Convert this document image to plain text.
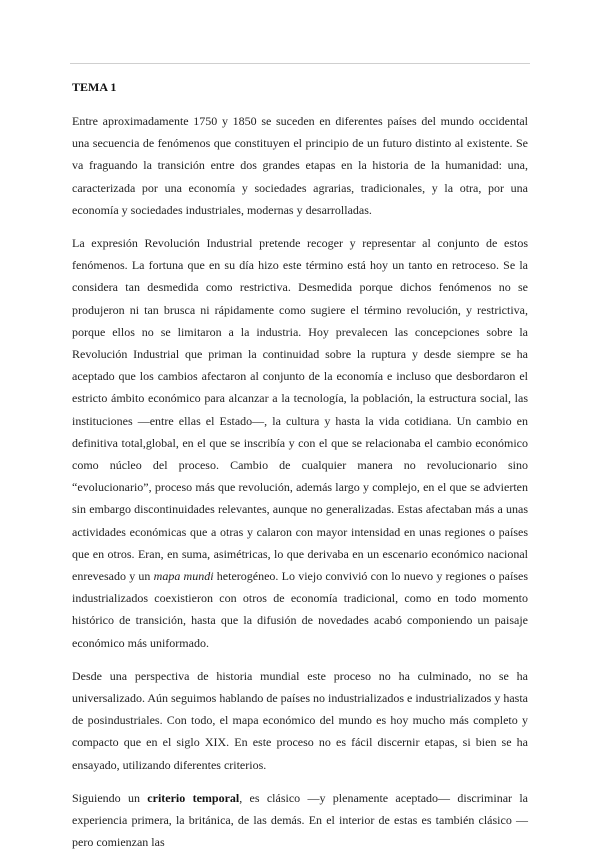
TEMA 1

Entre aproximadamente 1750 y 1850 se suceden en diferentes países del mundo occidental una secuencia de fenómenos que constituyen el principio de un futuro distinto al existente. Se va fraguando la transición entre dos grandes etapas en la historia de la humanidad: una, caracterizada por una economía y sociedades agrarias, tradicionales, y la otra, por una economía y sociedades industriales, modernas y desarrolladas.

La expresión Revolución Industrial pretende recoger y representar al conjunto de estos fenómenos. La fortuna que en su día hizo este término está hoy un tanto en retroceso. Se la considera tan desmedida como restrictiva. Desmedida porque dichos fenómenos no se produjeron ni tan brusca ni rápidamente como sugiere el término revolución, y restrictiva, porque ellos no se limitaron a la industria. Hoy prevalecen las concepciones sobre la Revolución Industrial que priman la continuidad sobre la ruptura y desde siempre se ha aceptado que los cambios afectaron al conjunto de la economía e incluso que desbordaron el estricto ámbito económico para alcanzar a la tecnología, la población, la estructura social, las instituciones —entre ellas el Estado—, la cultura y hasta la vida cotidiana. Un cambio en definitiva total,global, en el que se inscribía y con el que se relacionaba el cambio económico como núcleo del proceso. Cambio de cualquier manera no revolucionario sino “evolucionario”, proceso más que revolución, además largo y complejo, en el que se advierten sin embargo discontinuidades relevantes, aunque no generalizadas. Estas afectaban más a unas actividades económicas que a otras y calaron con mayor intensidad en unas regiones o países que en otros. Eran, en suma, asimétricas, lo que derivaba en un escenario económico nacional enrevesado y un mapa mundi heterogéneo. Lo viejo convivió con lo nuevo y regiones o países industrializados coexistieron con otros de economía tradicional, como en todo momento histórico de transición, hasta que la difusión de novedades acabó componiendo un paisaje económico más uniformado.

Desde una perspectiva de historia mundial este proceso no ha culminado, no se ha universalizado. Aún seguimos hablando de países no industrializados e industrializados y hasta de posindustriales. Con todo, el mapa económico del mundo es hoy mucho más completo y compacto que en el siglo XIX. En este proceso no es fácil discernir etapas, si bien se ha ensayado, utilizando diferentes criterios.

Siguiendo un criterio temporal, es clásico —y plenamente aceptado— discriminar la experiencia primera, la británica, de las demás. En el interior de estas es también clásico —pero comienzan las
